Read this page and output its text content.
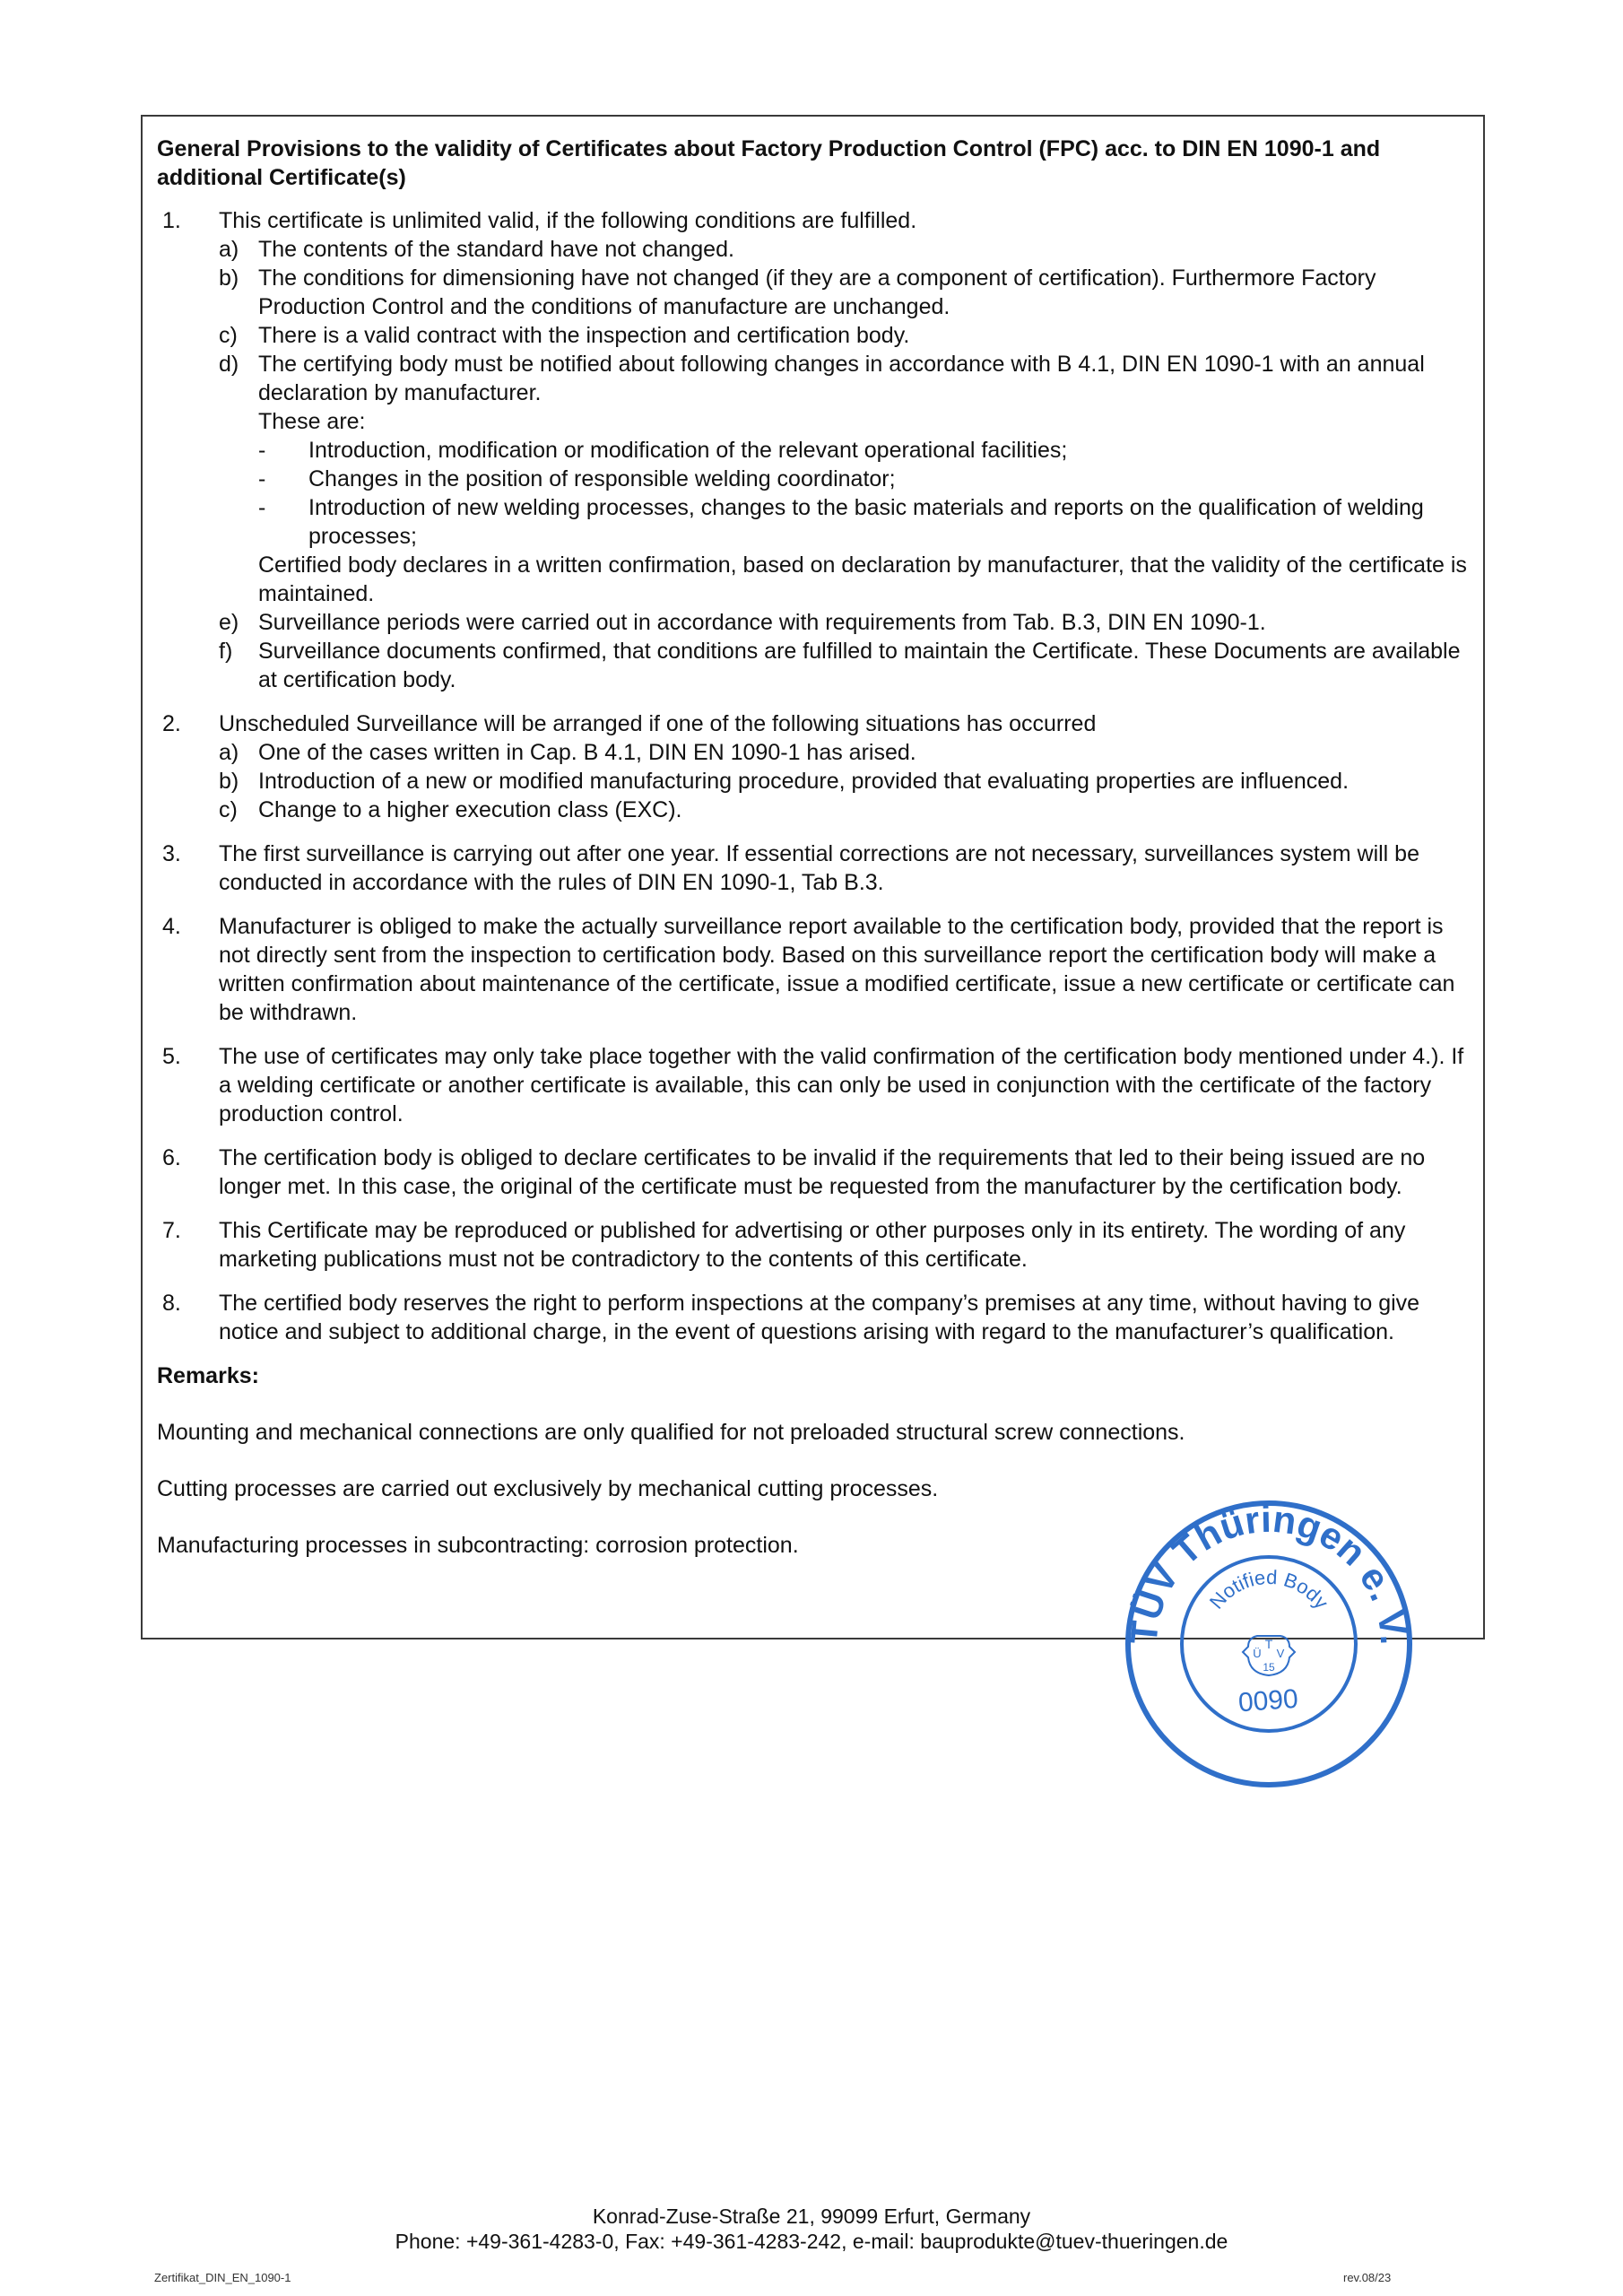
General Provisions to the validity of Certificates about Factory Production Control (FPC) acc. to DIN EN 1090-1 and additional Certificate(s)
1. This certificate is unlimited valid, if the following conditions are fulfilled.
a) The contents of the standard have not changed.
b) The conditions for dimensioning have not changed (if they are a component of certification). Furthermore Factory Production Control and the conditions of manufacture are unchanged.
c) There is a valid contract with the inspection and certification body.
d) The certifying body must be notified about following changes in accordance with B 4.1, DIN EN 1090-1 with an annual declaration by manufacturer.
These are:
- Introduction, modification or modification of the relevant operational facilities;
- Changes in the position of responsible welding coordinator;
- Introduction of new welding processes, changes to the basic materials and reports on the qualification of welding processes;
Certified body declares in a written confirmation, based on declaration by manufacturer, that the validity of the certificate is maintained.
e) Surveillance periods were carried out in accordance with requirements from Tab. B.3, DIN EN 1090-1.
f) Surveillance documents confirmed, that conditions are fulfilled to maintain the Certificate. These Documents are available at certification body.
2. Unscheduled Surveillance will be arranged if one of the following situations has occurred
a) One of the cases written in Cap. B 4.1, DIN EN 1090-1 has arised.
b) Introduction of a new or modified manufacturing procedure, provided that evaluating properties are influenced.
c) Change to a higher execution class (EXC).
3. The first surveillance is carrying out after one year. If essential corrections are not necessary, surveillances system will be conducted in accordance with the rules of DIN EN 1090-1, Tab B.3.
4. Manufacturer is obliged to make the actually surveillance report available to the certification body, provided that the report is not directly sent from the inspection to certification body. Based on this surveillance report the certification body will make a written confirmation about maintenance of the certificate, issue a modified certificate, issue a new certificate or certificate can be withdrawn.
5. The use of certificates may only take place together with the valid confirmation of the certification body mentioned under 4.). If a welding certificate or another certificate is available, this can only be used in conjunction with the certificate of the factory production control.
6. The certification body is obliged to declare certificates to be invalid if the requirements that led to their being issued are no longer met. In this case, the original of the certificate must be requested from the manufacturer by the certification body.
7. This Certificate may be reproduced or published for advertising or other purposes only in its entirety. The wording of any marketing publications must not be contradictory to the contents of this certificate.
8. The certified body reserves the right to perform inspections at the company’s premises at any time, without having to give notice and subject to additional charge, in the event of questions arising with regard to the manufacturer’s qualification.
Remarks:
Mounting and mechanical connections are only qualified for not preloaded structural screw connections.
Cutting processes are carried out exclusively by mechanical cutting processes.
Manufacturing processes in subcontracting: corrosion protection.
TÜV Thüringen e. V.
Notified Body
T
Ü V
15
0090
Konrad-Zuse-Straße 21, 99099 Erfurt, Germany
Phone: +49-361-4283-0, Fax: +49-361-4283-242, e-mail: bauprodukte@tuev-thueringen.de
Zertifikat_DIN_EN_1090-1	rev.08/23
